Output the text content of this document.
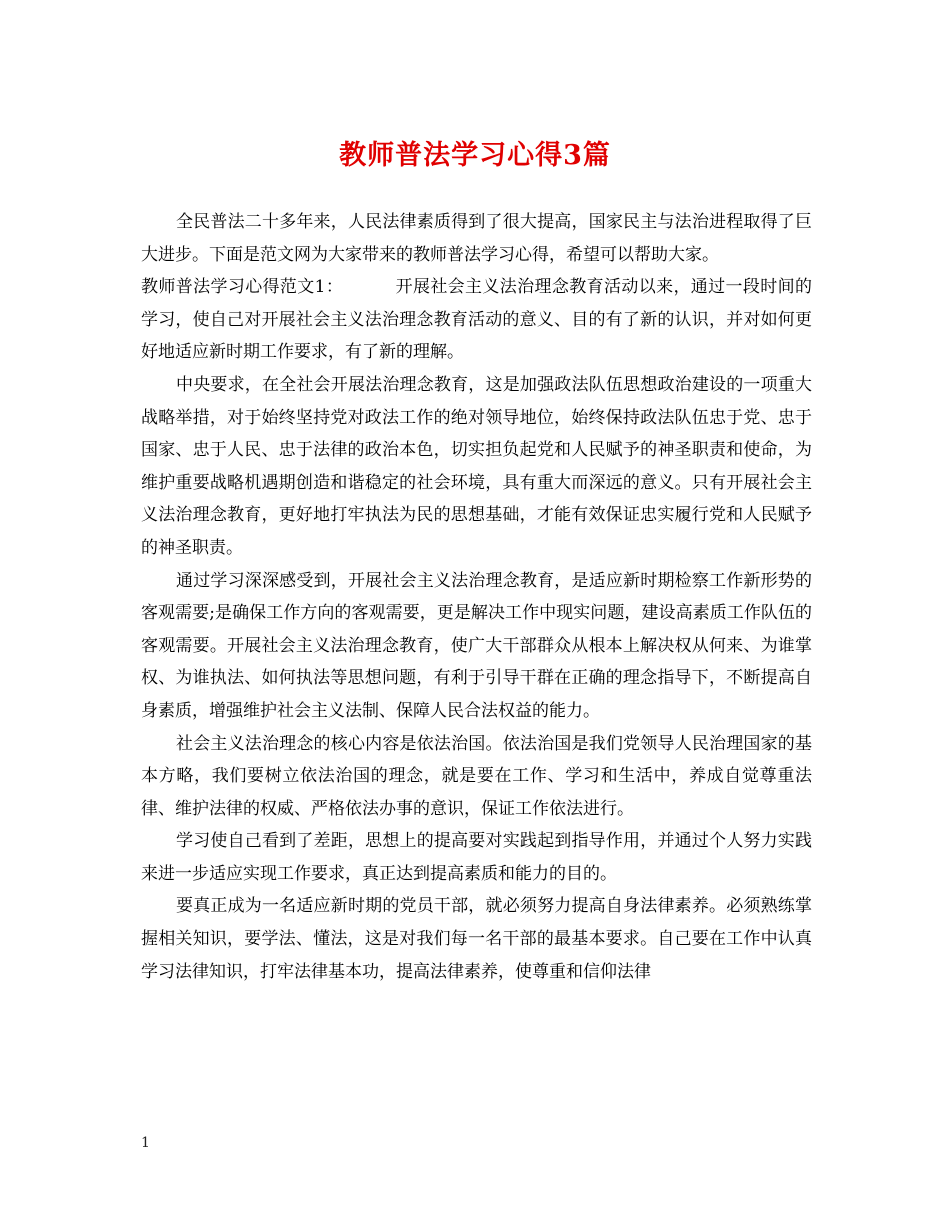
教师普法学习心得3篇

全民普法二十多年来，人民法律素质得到了很大提高，国家民主与法治进程取得了巨大进步。下面是范文网为大家带来的教师普法学习心得，希望可以帮助大家。

教师普法学习心得范文1：	开展社会主义法治理念教育活动以来，通过一段时间的学习，使自己对开展社会主义法治理念教育活动的意义、目的有了新的认识，并对如何更好地适应新时期工作要求，有了新的理解。

中央要求，在全社会开展法治理念教育，这是加强政法队伍思想政治建设的一项重大战略举措，对于始终坚持党对政法工作的绝对领导地位，始终保持政法队伍忠于党、忠于国家、忠于人民、忠于法律的政治本色，切实担负起党和人民赋予的神圣职责和使命，为维护重要战略机遇期创造和谐稳定的社会环境，具有重大而深远的意义。只有开展社会主义法治理念教育，更好地打牢执法为民的思想基础，才能有效保证忠实履行党和人民赋予的神圣职责。

通过学习深深感受到，开展社会主义法治理念教育，是适应新时期检察工作新形势的客观需要;是确保工作方向的客观需要，更是解决工作中现实问题，建设高素质工作队伍的客观需要。开展社会主义法治理念教育，使广大干部群众从根本上解决权从何来、为谁掌权、为谁执法、如何执法等思想问题，有利于引导干群在正确的理念指导下，不断提高自身素质，增强维护社会主义法制、保障人民合法权益的能力。

社会主义法治理念的核心内容是依法治国。依法治国是我们党领导人民治理国家的基本方略，我们要树立依法治国的理念，就是要在工作、学习和生活中，养成自觉尊重法律、维护法律的权威、严格依法办事的意识，保证工作依法进行。

学习使自己看到了差距，思想上的提高要对实践起到指导作用，并通过个人努力实践来进一步适应实现工作要求，真正达到提高素质和能力的目的。

要真正成为一名适应新时期的党员干部，就必须努力提高自身法律素养。必须熟练掌握相关知识，要学法、懂法，这是对我们每一名干部的最基本要求。自己要在工作中认真学习法律知识，打牢法律基本功，提高法律素养，使尊重和信仰法律

1
